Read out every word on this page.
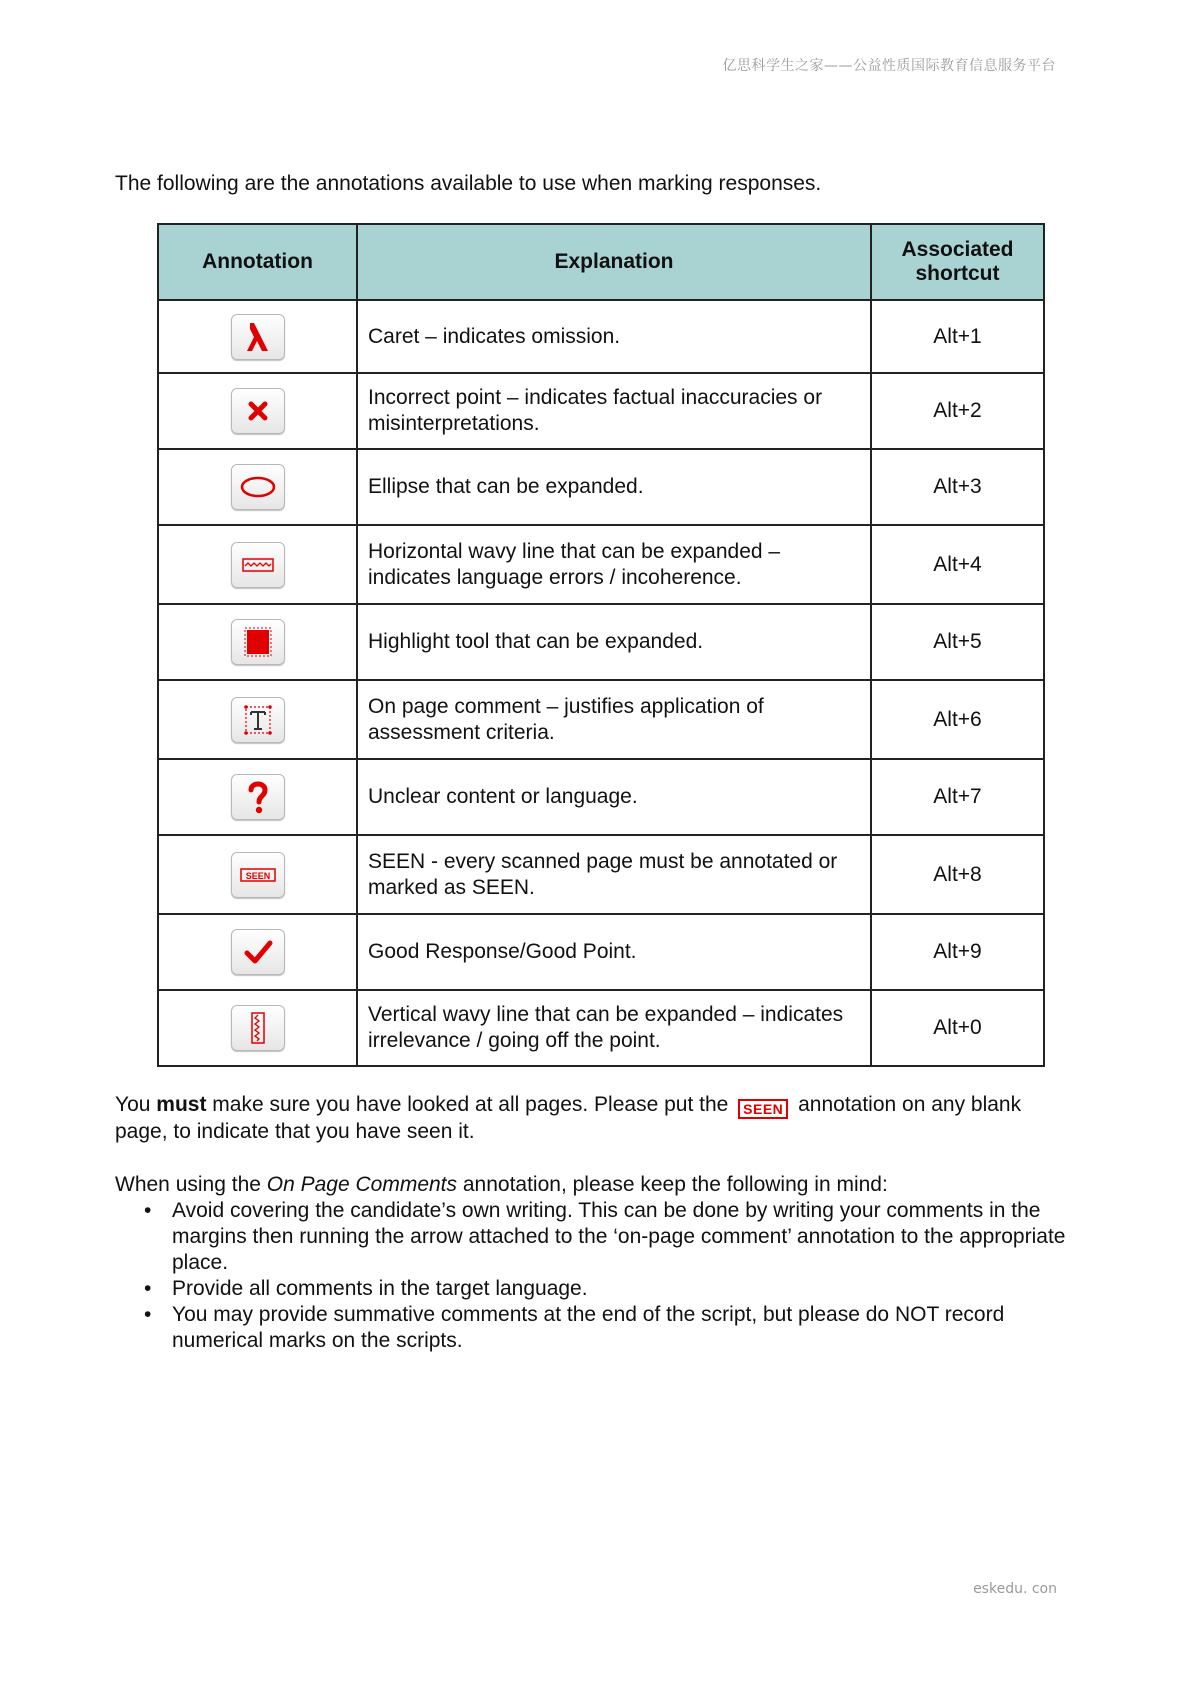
亿思科学生之家——公益性质国际教育信息服务平台
The following are the annotations available to use when marking responses.
Annotation	Explanation	Associated
shortcut

	Caret – indicates omission.	Alt+1

	Incorrect point – indicates factual inaccuracies or misinterpretations.	Alt+2

	Ellipse that can be expanded.	Alt+3

	Horizontal wavy line that can be expanded – indicates language errors / incoherence.	Alt+4

	Highlight tool that can be expanded.	Alt+5

	On page comment – justifies application of assessment criteria.	Alt+6

	Unclear content or language.	Alt+7

SEEN	SEEN - every scanned page must be annotated or marked as SEEN.	Alt+8

	Good Response/Good Point.	Alt+9

	Vertical wavy line that can be expanded – indicates irrelevance / going off the point.	Alt+0
You must make sure you have looked at all pages. Please put the SEEN annotation on any blank page, to indicate that you have seen it.
When using the On Page Comments annotation, please keep the following in mind:
• Avoid covering the candidate’s own writing. This can be done by writing your comments in the margins then running the arrow attached to the ‘on-page comment’ annotation to the appropriate place.
• Provide all comments in the target language.
• You may provide summative comments at the end of the script, but please do NOT record numerical marks on the scripts.
eskedu. con
